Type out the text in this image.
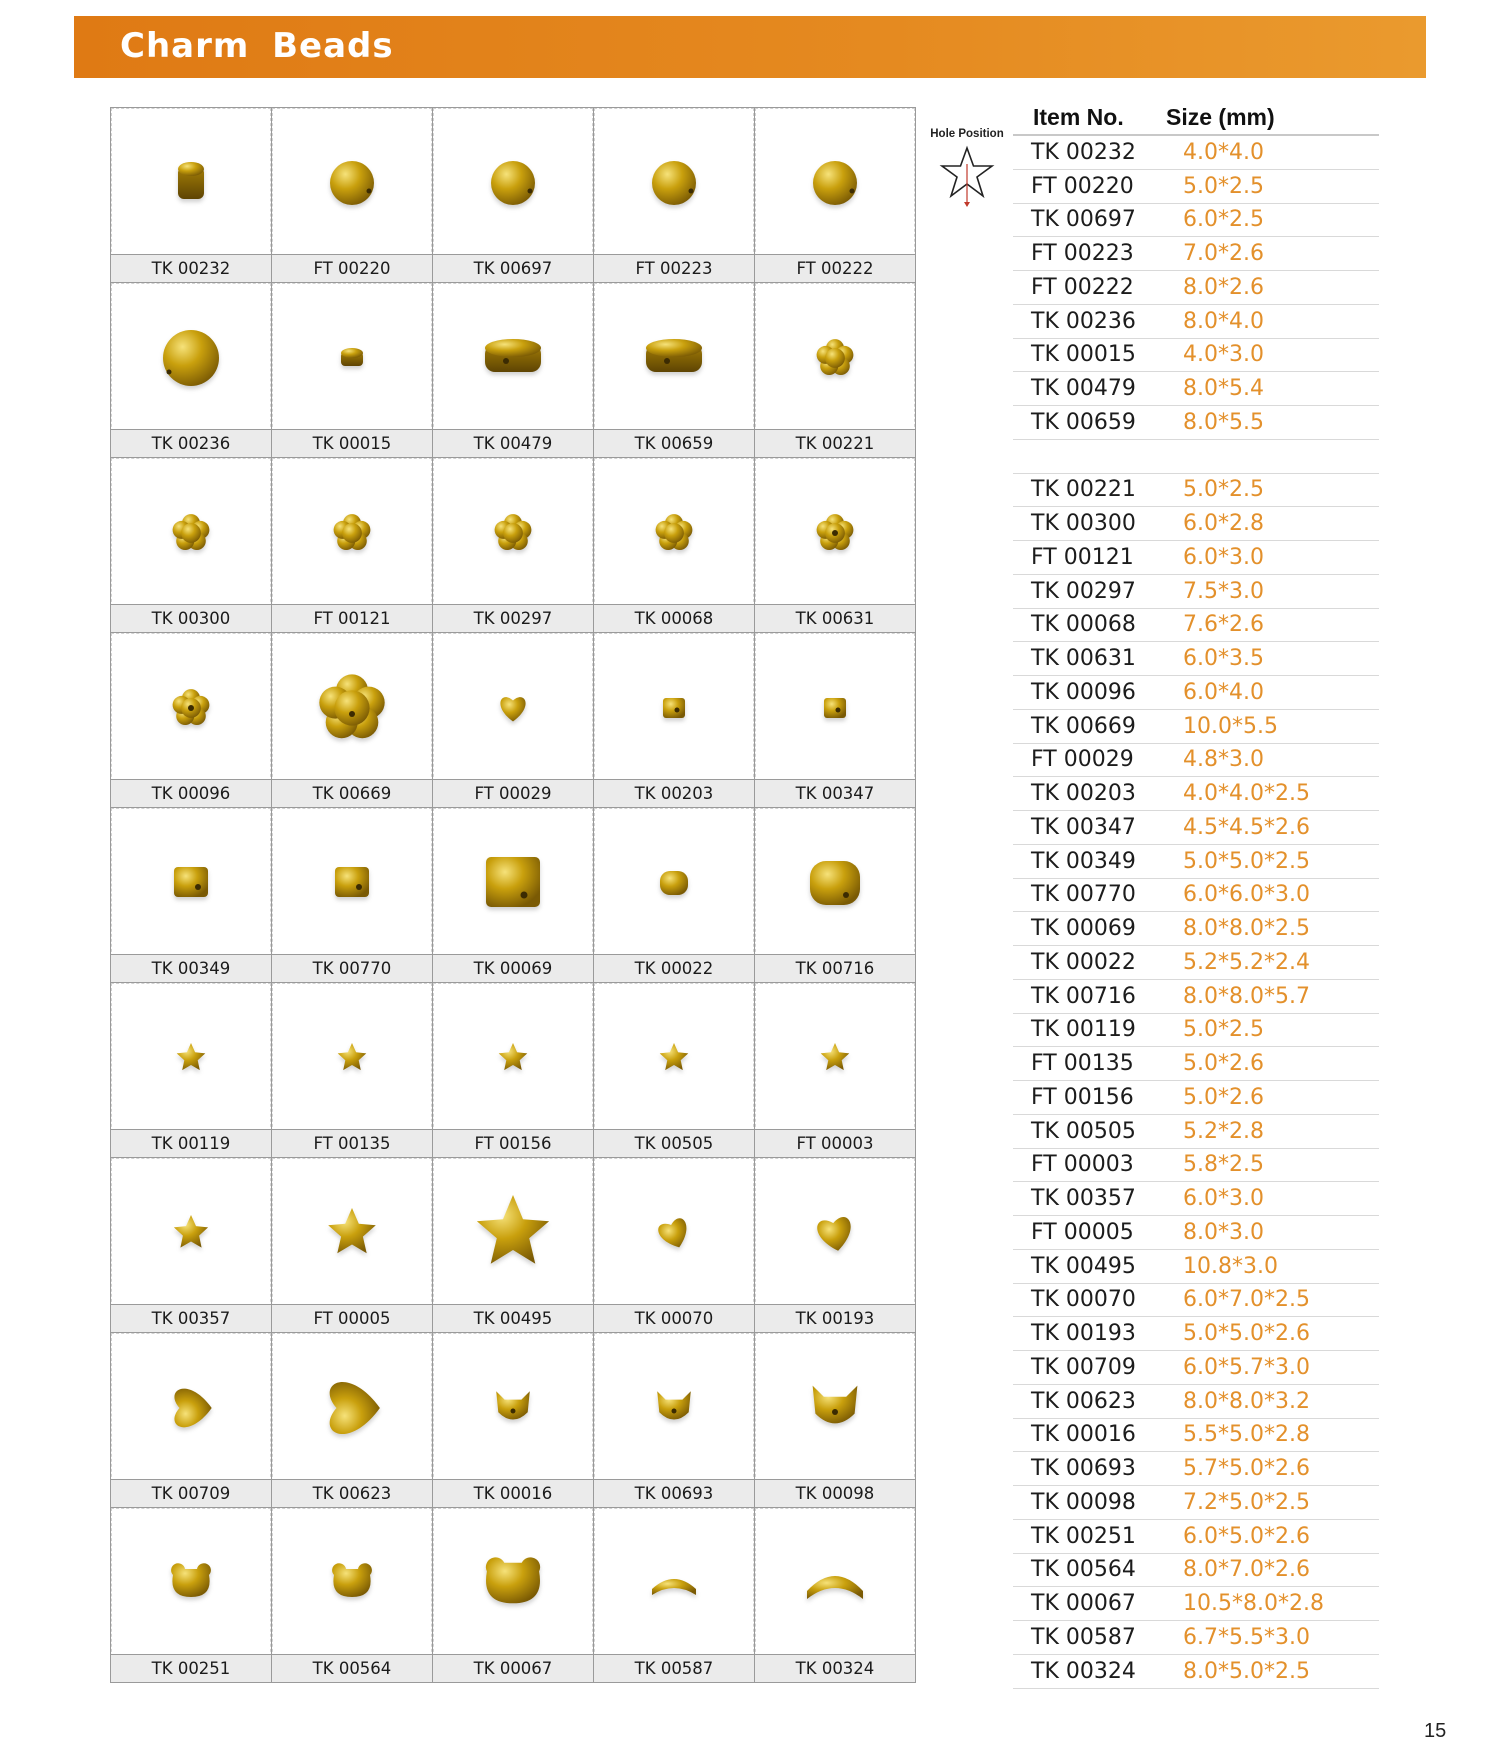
Charm Beads
TK 00232	FT 00220	TK 00697	FT 00223	FT 00222
TK 00236	TK 00015	TK 00479	TK 00659	TK 00221
TK 00300	FT 00121	TK 00297	TK 00068	TK 00631
TK 00096	TK 00669	FT 00029	TK 00203	TK 00347
TK 00349	TK 00770	TK 00069	TK 00022	TK 00716
TK 00119	FT 00135	FT 00156	TK 00505	FT 00003
TK 00357	FT 00005	TK 00495	TK 00070	TK 00193
TK 00709	TK 00623	TK 00016	TK 00693	TK 00098
TK 00251	TK 00564	TK 00067	TK 00587	TK 00324
Hole Position
Item No.	Size (mm)
TK 00232	4.0*4.0
FT 00220	5.0*2.5
TK 00697	6.0*2.5
FT 00223	7.0*2.6
FT 00222	8.0*2.6
TK 00236	8.0*4.0
TK 00015	4.0*3.0
TK 00479	8.0*5.4
TK 00659	8.0*5.5
TK 00221	5.0*2.5
TK 00300	6.0*2.8
FT 00121	6.0*3.0
TK 00297	7.5*3.0
TK 00068	7.6*2.6
TK 00631	6.0*3.5
TK 00096	6.0*4.0
TK 00669	10.0*5.5
FT 00029	4.8*3.0
TK 00203	4.0*4.0*2.5
TK 00347	4.5*4.5*2.6
TK 00349	5.0*5.0*2.5
TK 00770	6.0*6.0*3.0
TK 00069	8.0*8.0*2.5
TK 00022	5.2*5.2*2.4
TK 00716	8.0*8.0*5.7
TK 00119	5.0*2.5
FT 00135	5.0*2.6
FT 00156	5.0*2.6
TK 00505	5.2*2.8
FT 00003	5.8*2.5
TK 00357	6.0*3.0
FT 00005	8.0*3.0
TK 00495	10.8*3.0
TK 00070	6.0*7.0*2.5
TK 00193	5.0*5.0*2.6
TK 00709	6.0*5.7*3.0
TK 00623	8.0*8.0*3.2
TK 00016	5.5*5.0*2.8
TK 00693	5.7*5.0*2.6
TK 00098	7.2*5.0*2.5
TK 00251	6.0*5.0*2.6
TK 00564	8.0*7.0*2.6
TK 00067	10.5*8.0*2.8
TK 00587	6.7*5.5*3.0
TK 00324	8.0*5.0*2.5
15
